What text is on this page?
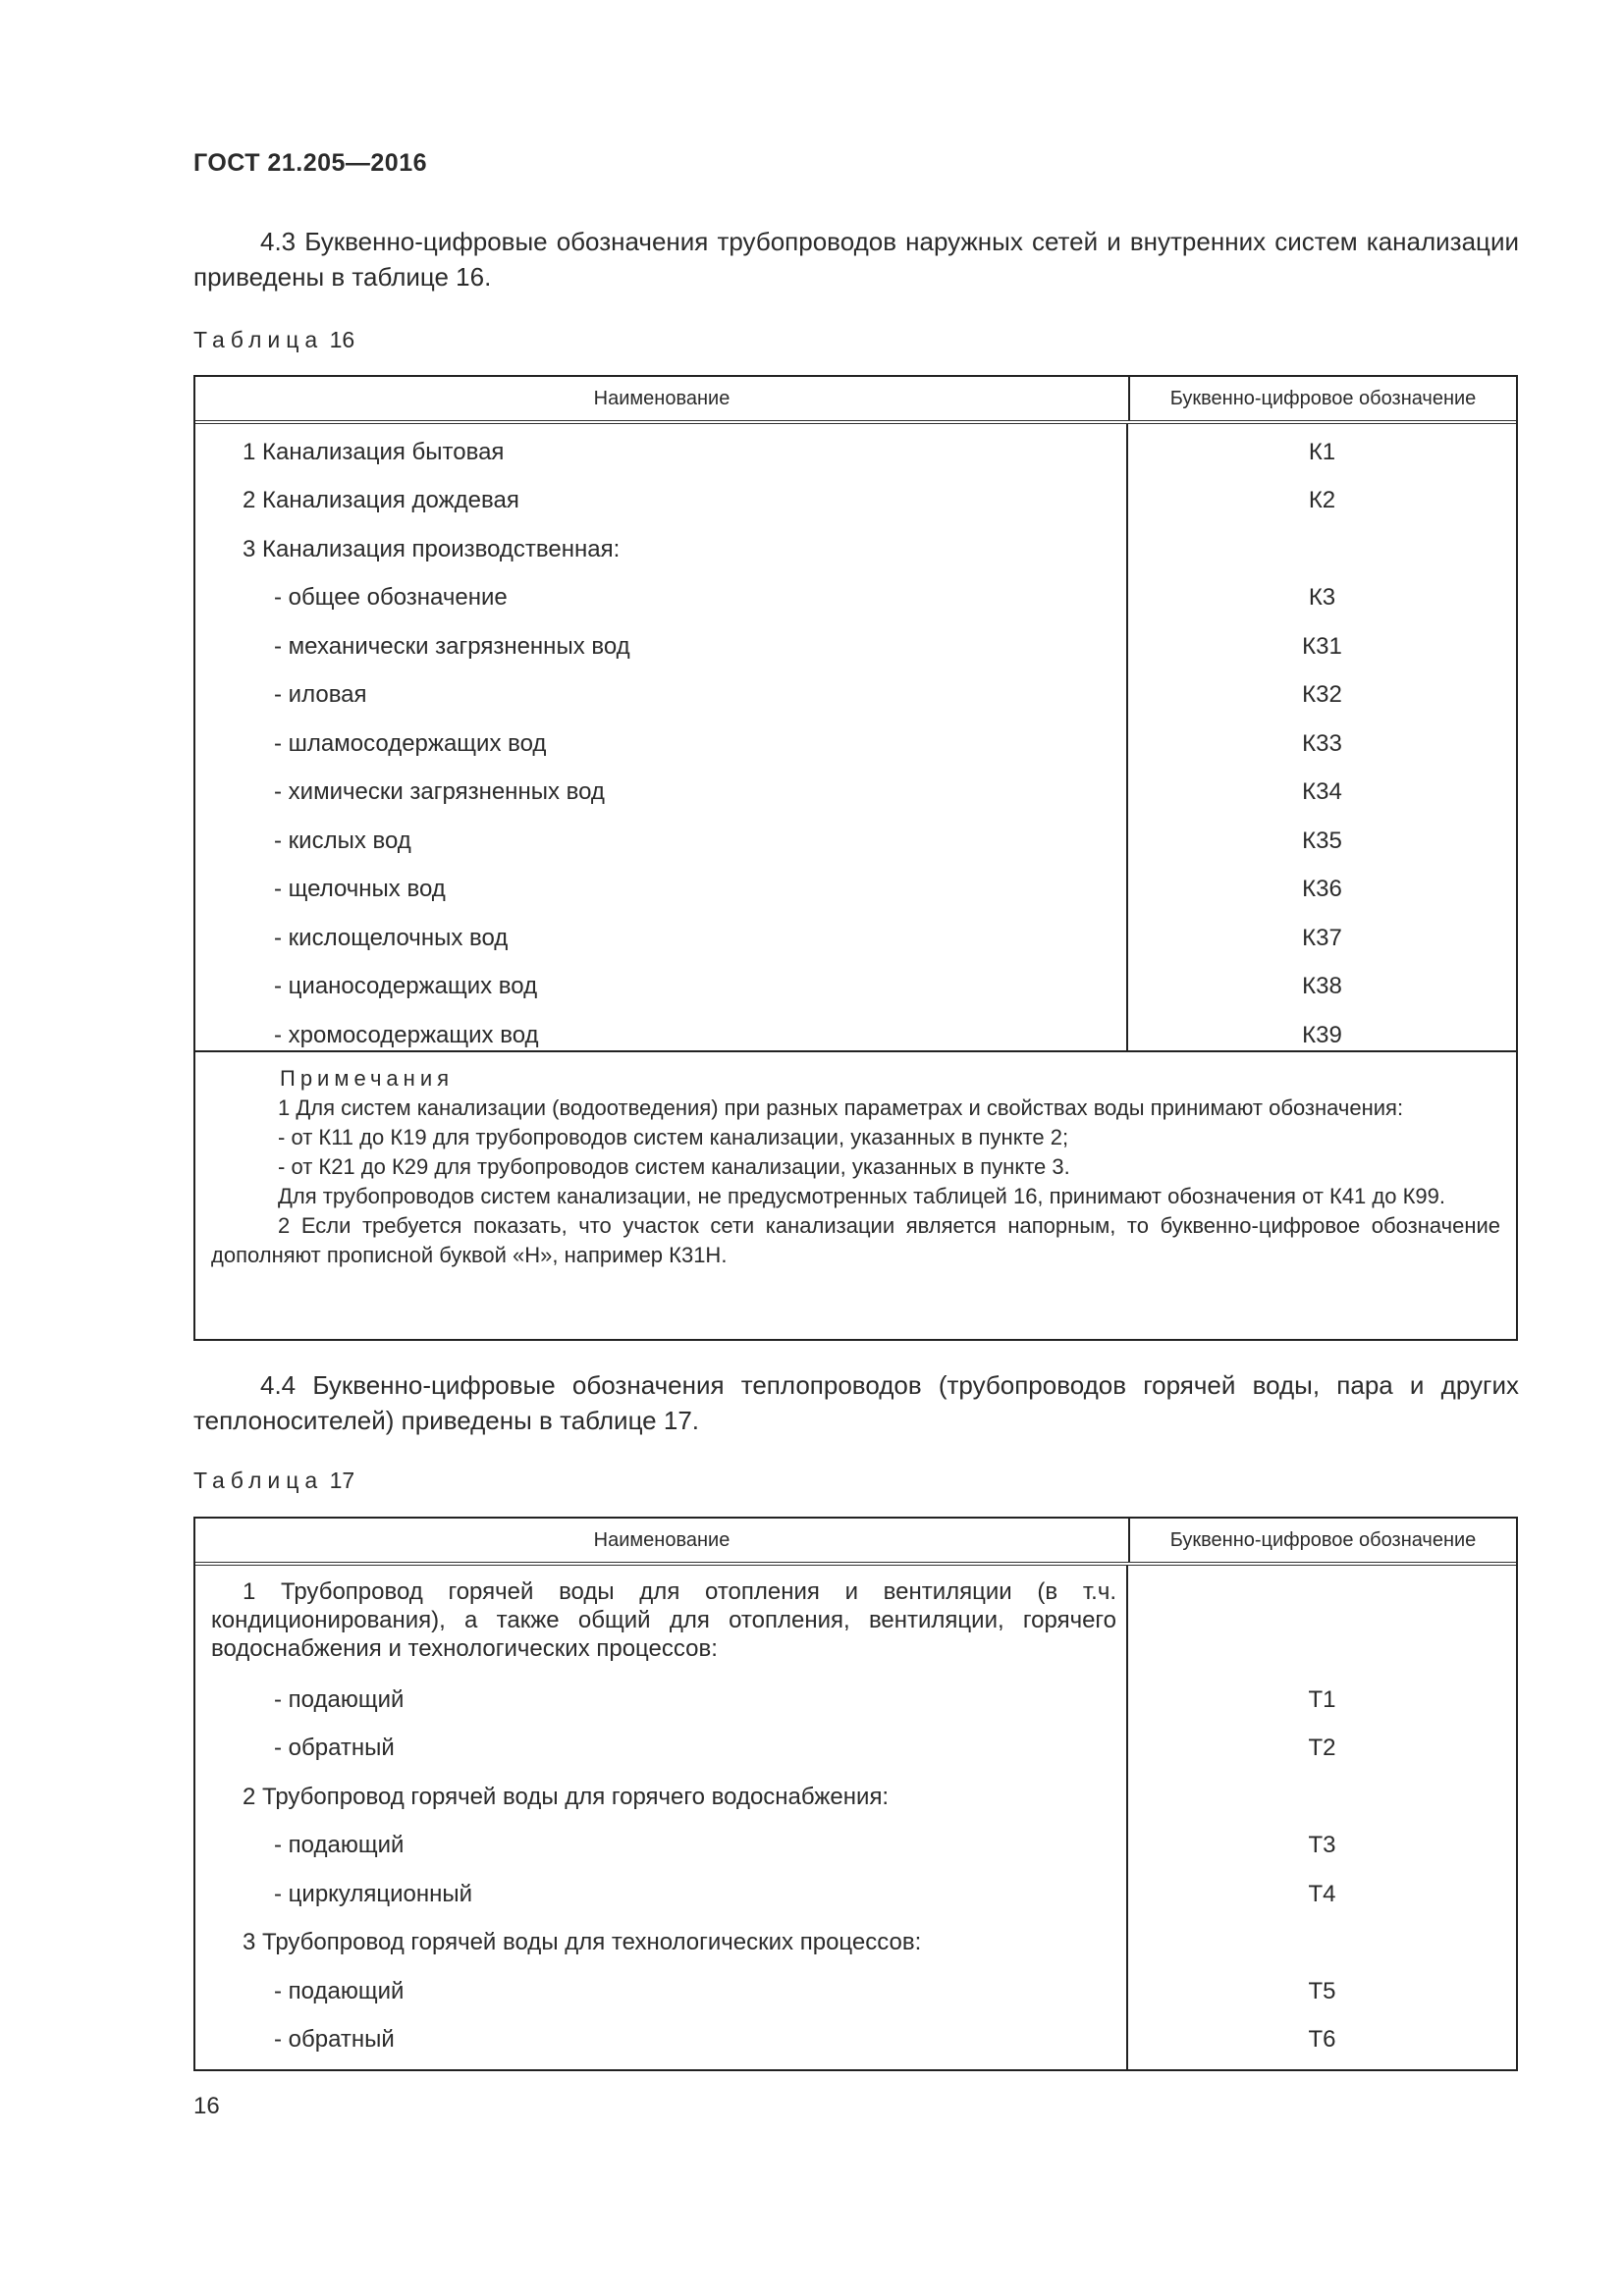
ГОСТ 21.205—2016
4.3 Буквенно-цифровые обозначения трубопроводов наружных сетей и внутренних систем канализации приведены в таблице 16.
Таблица 16
Наименование	Буквенно-цифровое обозначение
1 Канализация бытовая
2 Канализация дождевая
3 Канализация производственная:
- общее обозначение
- механически загрязненных вод
- иловая
- шламосодержащих вод
- химически загрязненных вод
- кислых вод
- щелочных вод
- кислощелочных вод
- цианосодержащих вод
- хромосодержащих вод
К1
К2
К3
К31
К32
К33
К34
К35
К36
К37
К38
К39
Примечания
1 Для систем канализации (водоотведения) при разных параметрах и свойствах воды принимают обозначения:
- от К11 до К19 для трубопроводов систем канализации, указанных в пункте 2;
- от К21 до К29 для трубопроводов систем канализации, указанных в пункте 3.
Для трубопроводов систем канализации, не предусмотренных таблицей 16, принимают обозначения от К41 до К99.
2 Если требуется показать, что участок сети канализации является напорным, то буквенно-цифровое обозначение дополняют прописной буквой «Н», например К31Н.
4.4 Буквенно-цифровые обозначения теплопроводов (трубопроводов горячей воды, пара и других теплоносителей) приведены в таблице 17.
Таблица 17
Наименование	Буквенно-цифровое обозначение
1 Трубопровод горячей воды для отопления и вентиляции (в т.ч. кондиционирования), а также общий для отопления, вентиляции, горячего водоснабжения и технологических процессов:
- подающий
- обратный
2 Трубопровод горячей воды для горячего водоснабжения:
- подающий
- циркуляционный
3 Трубопровод горячей воды для технологических процессов:
- подающий
- обратный
Т1
Т2
Т3
Т4
Т5
Т6
16
